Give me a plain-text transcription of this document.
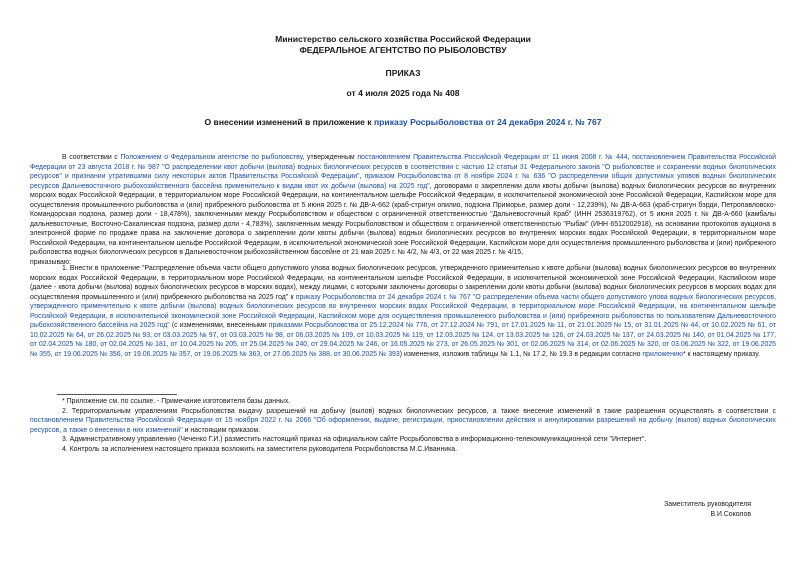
Министерство сельского хозяйства Российской Федерации
ФЕДЕРАЛЬНОЕ АГЕНТСТВО ПО РЫБОЛОВСТВУ
ПРИКАЗ
от 4 июля 2025 года № 408
О внесении изменений в приложение к приказу Росрыболовства от 24 декабря 2024 г. № 767
В соответствии с Положением о Федеральном агентстве по рыболовству, утвержденным постановлением Правительства Российской Федерации от 11 июня 2008 г. № 444, постановлением Правительства Российской Федерации от 23 августа 2018 г. № 987 "О распределении квот добычи (вылова) водных биологических ресурсов в соответствии с частью 12 статьи 31 Федерального закона "О рыболовстве и сохранении водных биологических ресурсов" и признании утратившими силу некоторых актов Правительства Российской Федерации", приказом Росрыболовства от 8 ноября 2024 г. № 636 "О распределении общих допустимых уловов водных биологических ресурсов Дальневосточного рыбохозяйственного бассейна применительно к видам квот их добычи (вылова) на 2025 год", договорами о закреплении доли квоты добычи (вылова) водных биологических ресурсов во внутренних морских водах Российской Федерации, в территориальном море Российской Федерации, на континентальном шельфе Российской Федерации, в исключительной экономической зоне Российской Федерации, Каспийском море для осуществления промышленного рыболовства и (или) прибрежного рыболовства от 5 июня 2025 г. № ДВ-А-662 (краб-стригун опилио, подзона Приморье, размер доли - 12,239%), № ДВ-А-663 (краб-стригун бэрди, Петропавловско-Командорская подзона, размер доли - 18,478%), заключенными между Росрыболовством и обществом с ограниченной ответственностью "Дальневосточный Краб" (ИНН 2536319762), от 5 июня 2025 г. № ДВ-А-660 (камбалы дальневосточные, Восточно-Сахалинская подзона, размер доли - 4,783%), заключенным между Росрыболовством и обществом с ограниченной ответственностью "Рыбак" (ИНН 6512002918), на основании протоколов аукциона в электронной форме по продаже права на заключение договора о закреплении доли квоты добычи (вылова) водных биологических ресурсов во внутренних морских водах Российской Федерации, в территориальном море Российской Федерации, на континентальном шельфе Российской Федерации, в исключительной экономической зоне Российской Федерации, Каспийском море для осуществления промышленного рыболовства и (или) прибрежного рыболовства водных биологических ресурсов в Дальневосточном рыбохозяйственном бассейне от 21 мая 2025 г. № 4/2, № 4/3, от 22 мая 2025 г. № 4/15,
приказываю:
1. Внести в приложение "Распределение объема части общего допустимого улова водных биологических ресурсов, утвержденного применительно к квоте добычи (вылова) водных биологических ресурсов во внутренних морских водах Российской Федерации, в территориальном море Российской Федерации, на континентальном шельфе Российской Федерации, в исключительной экономической зоне Российской Федерации, Каспийском море (далее - квота добычи (вылова) водных биологических ресурсов в морских водах), между лицами, с которыми заключены договоры о закреплении доли квоты добычи (вылова) водных биологических ресурсов в морских водах для осуществления промышленного и (или) прибрежного рыболовства на 2025 год" к приказу Росрыболовства от 24 декабря 2024 г. № 767 "О распределении объема части общего допустимого улова водных биологических ресурсов, утвержденного применительно к квоте добычи (вылова) водных биологических ресурсов во внутренних морских водах Российской Федерации, в территориальном море Российской Федерации, на континентальном шельфе Российской Федерации, в исключительной экономической зоне Российской Федерации, Каспийском море для осуществления промышленного рыболовства и (или) прибрежного рыболовства по пользователям Дальневосточного рыбохозяйственного бассейна на 2025 год" (с изменениями, внесенными приказами Росрыболовства от 25.12.2024 № 776, от 27.12.2024 № 791, от 17.01.2025 № 11, от 21.01.2025 № 15, от 31.01.2025 № 44, от 10.02.2025 № 61, от 10.02.2025 № 64, от 26.02.2025 № 93, от 03.03.2025 № 97, от 03.03.2025 № 98, от 06.03.2025 № 109, от 10.03.2025 № 119, от 12.03.2025 № 124, от 13.03.2025 № 126, от 24.03.2025 № 137, от 24.03.2025 № 140, от 01.04.2025 № 177, от 02.04.2025 № 180, от 02.04.2025 № 181, от 10.04.2025 № 205, от 25.04.2025 № 240, от 29.04.2025 № 246, от 16.05.2025 № 273, от 26.05.2025 № 301, от 02.06.2025 № 314, от 02.06.2025 № 320, от 03.06.2025 № 322, от 19.06.2025 № 355, от 19.06.2025 № 356, от 19.06.2025 № 357, от 19.06.2025 № 363, от 27.06.2025 № 388, от 30.06.2025 № 393) изменения, изложив таблицы № 1.1, № 17.2, № 19.3 в редакции согласно приложению* к настоящему приказу.
* Приложение см. по ссылке. - Примечание изготовителя базы данных.
2. Территориальным управлениям Росрыболовства выдачу разрешений на добычу (вылов) водных биологических ресурсов, а также внесение изменений в такие разрешения осуществлять в соответствии с постановлением Правительства Российской Федерации от 15 ноября 2022 г. № 2066 "Об оформлении, выдаче, регистрации, приостановлении действия и аннулировании разрешений на добычу (вылов) водных биологических ресурсов, а также о внесении в них изменений" и настоящим приказом.
3. Административному управлению (Чеченко Г.И.) разместить настоящий приказ на официальном сайте Росрыболовства в информационно-телекоммуникационной сети "Интернет".
4. Контроль за исполнением настоящего приказа возложить на заместителя руководителя Росрыболовства М.С.Иванника.
Заместитель руководителя
В.И.Соколов
